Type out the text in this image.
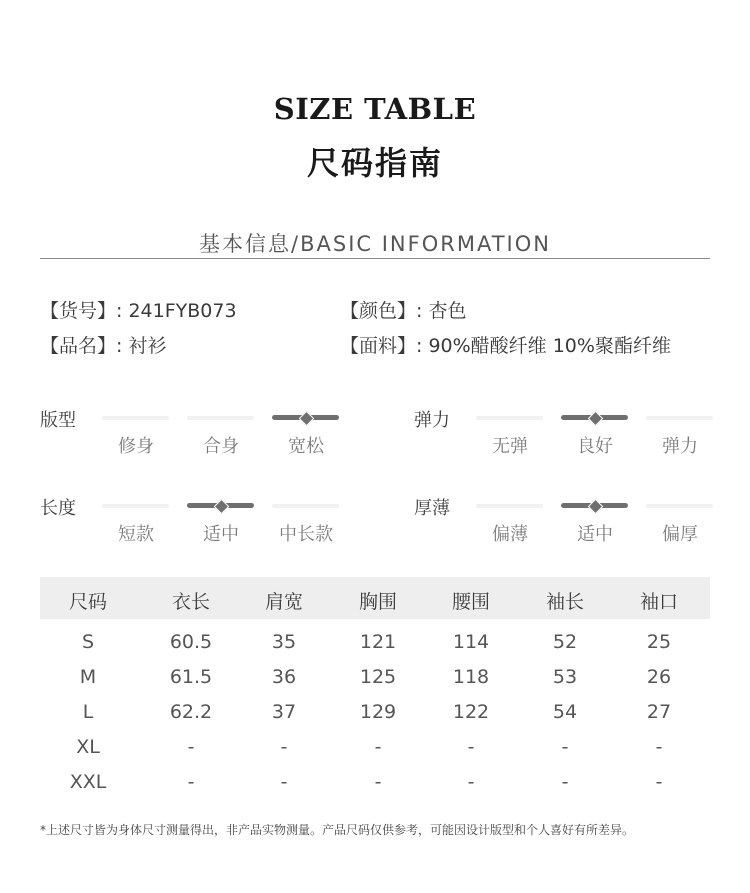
SIZE TABLE
尺码指南
基本信息/BASIC INFORMATION
【货号】: 241FYB073	【颜色】: 杏色
【品名】: 衬衫	【面料】: 90%醋酸纤维 10%聚酯纤维
版型
修身	合身	宽松
弹力
无弹	良好	弹力
长度
短款	适中	中长款
厚薄
偏薄	适中	偏厚
尺码	衣长	肩宽	胸围	腰围	袖长	袖口
S	60.5	35	121	114	52	25
M	61.5	36	125	118	53	26
L	62.2	37	129	122	54	27
XL	-	-	-	-	-	-
XXL	-	-	-	-	-	-
*上述尺寸皆为身体尺寸测量得出，非产品实物测量。产品尺码仅供参考，可能因设计版型和个人喜好有所差异。
